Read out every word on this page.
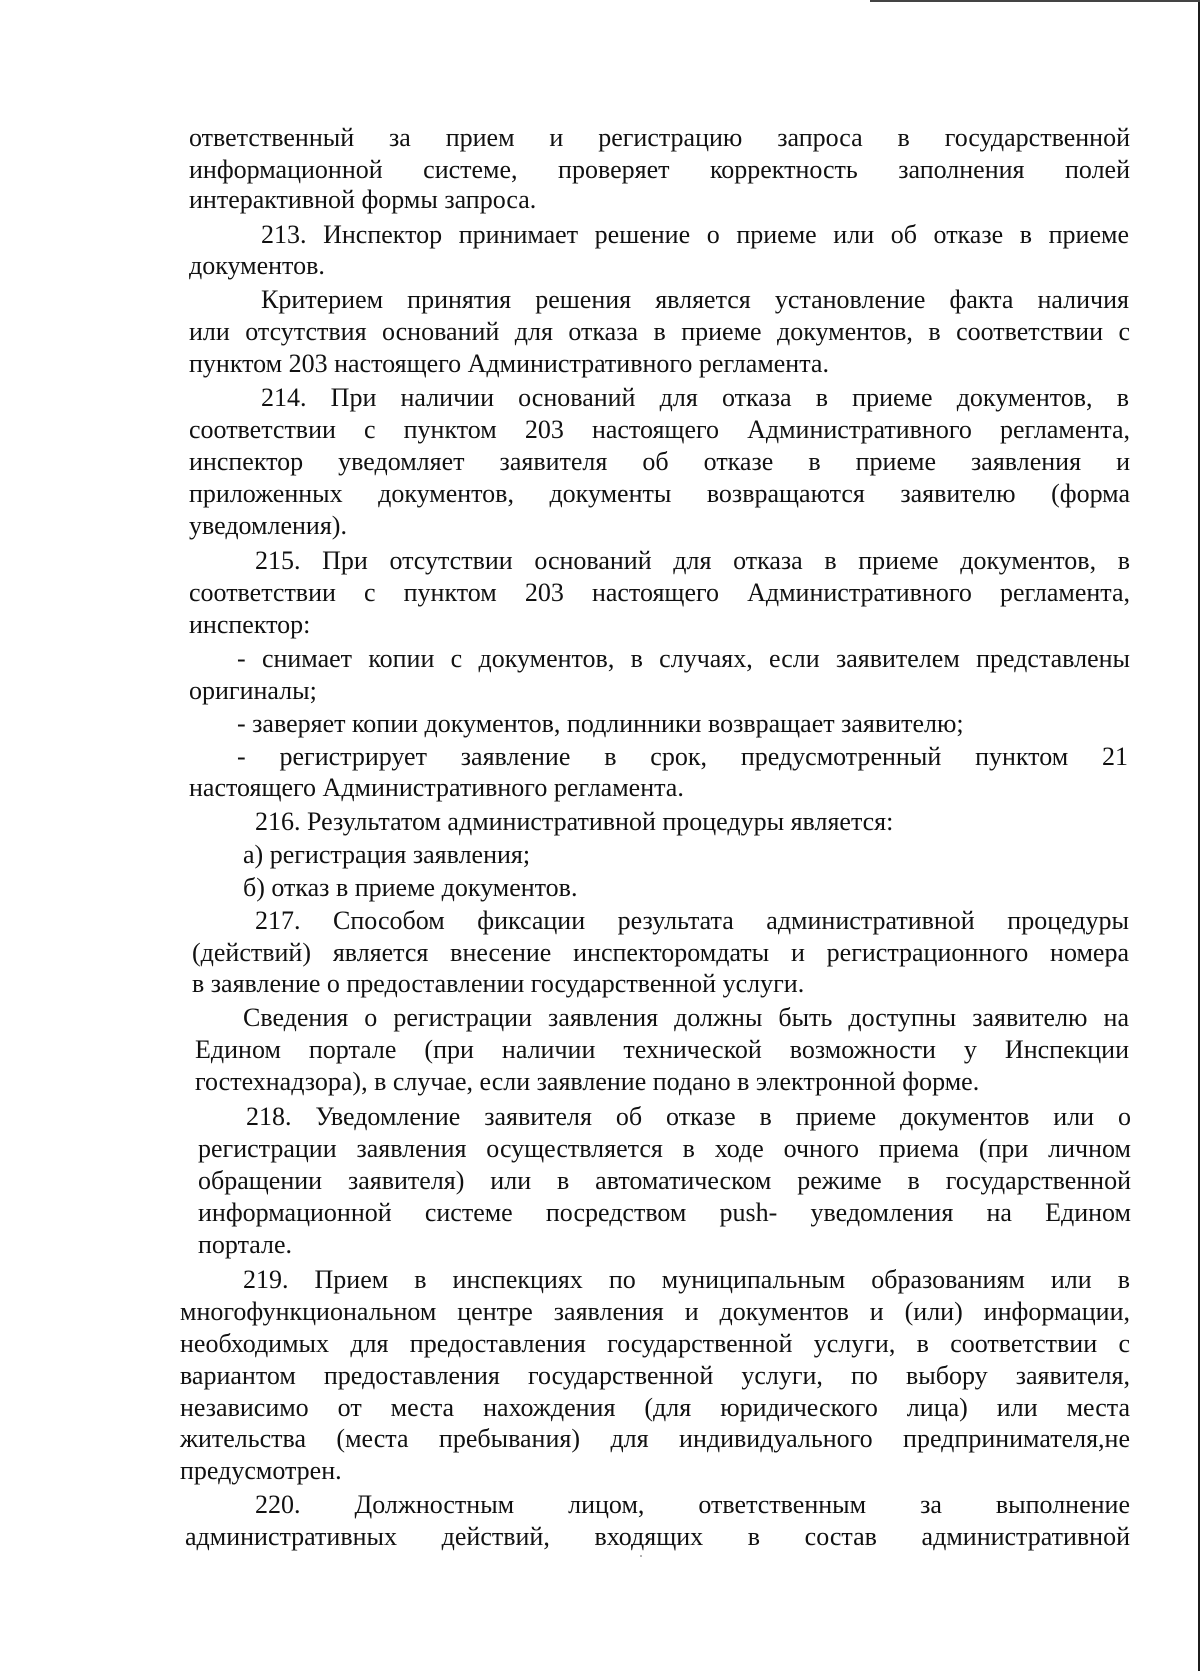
ответственный за прием и регистрацию запроса в государственной
информационной системе, проверяет корректность заполнения полей
интерактивной формы запроса.
213. Инспектор принимает решение о приеме или об отказе в приеме
документов.
Критерием принятия решения является установление факта наличия
или отсутствия оснований для отказа в приеме документов, в соответствии с
пунктом 203 настоящего Административного регламента.
214. При наличии оснований для отказа в приеме документов, в
соответствии с пунктом 203 настоящего Административного регламента,
инспектор уведомляет заявителя об отказе в приеме заявления и
приложенных документов, документы возвращаются заявителю (форма
уведомления).
215. При отсутствии оснований для отказа в приеме документов, в
соответствии с пунктом 203 настоящего Административного регламента,
инспектор:
- снимает копии с документов, в случаях, если заявителем представлены
оригиналы;
- заверяет копии документов, подлинники возвращает заявителю;
- регистрирует заявление в срок, предусмотренный пунктом 21
настоящего Административного регламента.
216. Результатом административной процедуры является:
а) регистрация заявления;
б) отказ в приеме документов.
217. Способом фиксации результата административной процедуры
(действий) является внесение инспекторомдаты и регистрационного номера
в заявление о предоставлении государственной услуги.
Сведения о регистрации заявления должны быть доступны заявителю на
Едином портале (при наличии технической возможности у Инспекции
гостехнадзора), в случае, если заявление подано в электронной форме.
218. Уведомление заявителя об отказе в приеме документов или о
регистрации заявления осуществляется в ходе очного приема (при личном
обращении заявителя) или в автоматическом режиме в государственной
информационной системе посредством push- уведомления на Едином
портале.
219. Прием в инспекциях по муниципальным образованиям или в
многофункциональном центре заявления и документов и (или) информации,
необходимых для предоставления государственной услуги, в соответствии с
вариантом предоставления государственной услуги, по выбору заявителя,
независимо от места нахождения (для юридического лица) или места
жительства (места пребывания) для индивидуального предпринимателя,не
предусмотрен.
220. Должностным лицом, ответственным за выполнение
административных действий, входящих в состав административной
